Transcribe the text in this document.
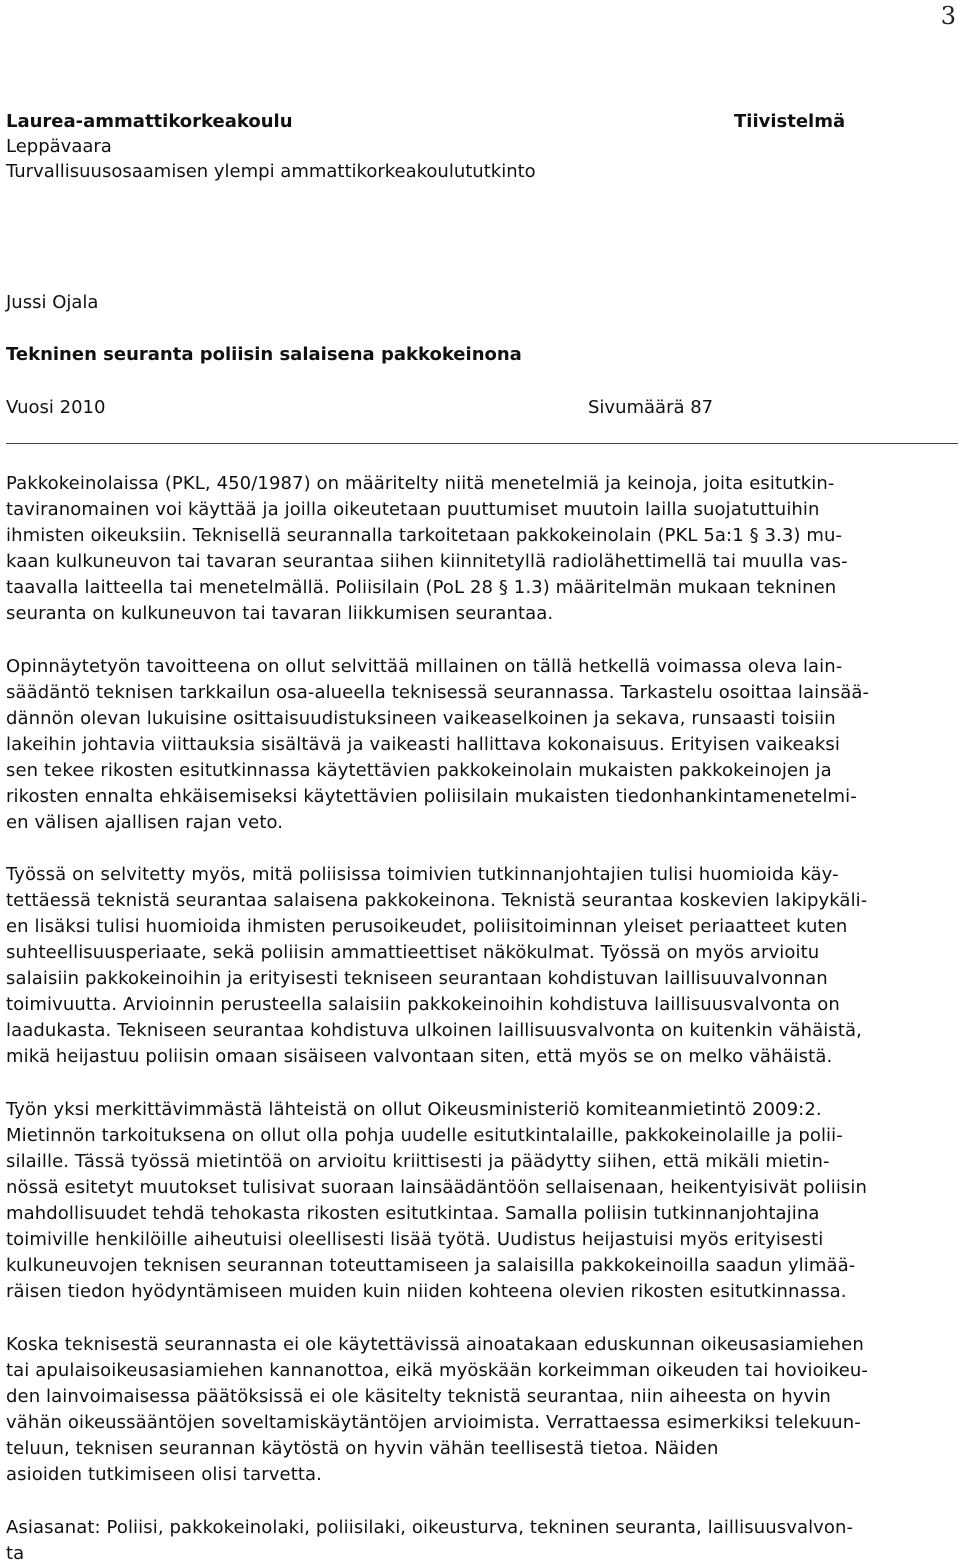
3
Laurea-ammattikorkeakoulu
Leppävaara
Turvallisuusosaamisen ylempi ammattikorkeakoulututkinto
Tiivistelmä
Jussi Ojala
Tekninen seuranta poliisin salaisena pakkokeinona
Vuosi 2010	Sivumäärä 87

Pakkokeinolaissa (PKL, 450/1987) on määritelty niitä menetelmiä ja keinoja, joita esitutkin-
taviranomainen voi käyttää ja joilla oikeutetaan puuttumiset muutoin lailla suojatuttuihin
ihmisten oikeuksiin. Teknisellä seurannalla tarkoitetaan pakkokeinolain (PKL 5a:1 § 3.3) mu-
kaan kulkuneuvon tai tavaran seurantaa siihen kiinnitetyllä radiolähettimellä tai muulla vas-
taavalla laitteella tai menetelmällä. Poliisilain (PoL 28 § 1.3) määritelmän mukaan tekninen
seuranta on kulkuneuvon tai tavaran liikkumisen seurantaa.

Opinnäytetyön tavoitteena on ollut selvittää millainen on tällä hetkellä voimassa oleva lain-
säädäntö teknisen tarkkailun osa-alueella teknisessä seurannassa. Tarkastelu osoittaa lainsää-
dännön olevan lukuisine osittaisuudistuksineen vaikeaselkoinen ja sekava, runsaasti toisiin
lakeihin johtavia viittauksia sisältävä ja vaikeasti hallittava kokonaisuus. Erityisen vaikeaksi
sen tekee rikosten esitutkinnassa käytettävien pakkokeinolain mukaisten pakkokeinojen ja
rikosten ennalta ehkäisemiseksi käytettävien poliisilain mukaisten tiedonhankintamenetelmi-
en välisen ajallisen rajan veto.

Työssä on selvitetty myös, mitä poliisissa toimivien tutkinnanjohtajien tulisi huomioida käy-
tettäessä teknistä seurantaa salaisena pakkokeinona. Teknistä seurantaa koskevien lakipykäli-
en lisäksi tulisi huomioida ihmisten perusoikeudet, poliisitoiminnan yleiset periaatteet kuten
suhteellisuusperiaate, sekä poliisin ammattieettiset näkökulmat. Työssä on myös arvioitu
salaisiin pakkokeinoihin ja erityisesti tekniseen seurantaan kohdistuvan laillisuuvalvonnan
toimivuutta. Arvioinnin perusteella salaisiin pakkokeinoihin kohdistuva laillisuusvalvonta on
laadukasta. Tekniseen seurantaa kohdistuva ulkoinen laillisuusvalvonta on kuitenkin vähäistä,
mikä heijastuu poliisin omaan sisäiseen valvontaan siten, että myös se on melko vähäistä.

Työn yksi merkittävimmästä lähteistä on ollut Oikeusministeriö komiteanmietintö 2009:2.
Mietinnön tarkoituksena on ollut olla pohja uudelle esitutkintalaille, pakkokeinolaille ja polii-
silaille. Tässä työssä mietintöä on arvioitu kriittisesti ja päädytty siihen, että mikäli mietin-
nössä esitetyt muutokset tulisivat suoraan lainsäädäntöön sellaisenaan, heikentyisivät poliisin
mahdollisuudet tehdä tehokasta rikosten esitutkintaa. Samalla poliisin tutkinnanjohtajina
toimiville henkilöille aiheutuisi oleellisesti lisää työtä. Uudistus heijastuisi myös erityisesti
kulkuneuvojen teknisen seurannan toteuttamiseen ja salaisilla pakkokeinoilla saadun ylimää-
räisen tiedon hyödyntämiseen muiden kuin niiden kohteena olevien rikosten esitutkinnassa.

Koska teknisestä seurannasta ei ole käytettävissä ainoatakaan eduskunnan oikeusasiamiehen
tai apulaisoikeusasiamiehen kannanottoa, eikä myöskään korkeimman oikeuden tai hovioikeu-
den lainvoimaisessa päätöksissä ei ole käsitelty teknistä seurantaa, niin aiheesta on hyvin
vähän oikeussääntöjen soveltamiskäytäntöjen arvioimista. Verrattaessa esimerkiksi telekuun-
teluun, teknisen seurannan käytöstä on hyvin vähän teellisestä tietoa. Näiden
asioiden tutkimiseen olisi tarvetta.

Asiasanat: Poliisi, pakkokeinolaki, poliisilaki, oikeusturva, tekninen seuranta, laillisuusvalvon-
ta
